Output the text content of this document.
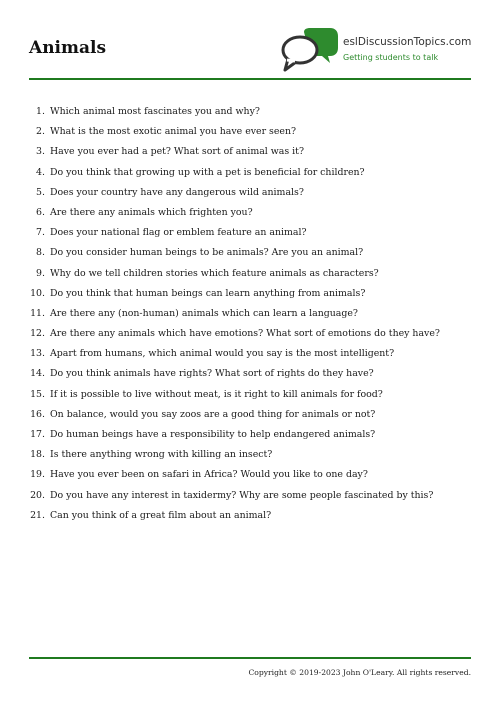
Animals	eslDiscussionTopics.com
Getting students to talk
1. Which animal most fascinates you and why?
2. What is the most exotic animal you have ever seen?
3. Have you ever had a pet? What sort of animal was it?
4. Do you think that growing up with a pet is beneficial for children?
5. Does your country have any dangerous wild animals?
6. Are there any animals which frighten you?
7. Does your national flag or emblem feature an animal?
8. Do you consider human beings to be animals? Are you an animal?
9. Why do we tell children stories which feature animals as characters?
10. Do you think that human beings can learn anything from animals?
11. Are there any (non-human) animals which can learn a language?
12. Are there any animals which have emotions? What sort of emotions do they have?
13. Apart from humans, which animal would you say is the most intelligent?
14. Do you think animals have rights? What sort of rights do they have?
15. If it is possible to live without meat, is it right to kill animals for food?
16. On balance, would you say zoos are a good thing for animals or not?
17. Do human beings have a responsibility to help endangered animals?
18. Is there anything wrong with killing an insect?
19. Have you ever been on safari in Africa? Would you like to one day?
20. Do you have any interest in taxidermy? Why are some people fascinated by this?
21. Can you think of a great film about an animal?
Copyright © 2019-2023 John O'Leary. All rights reserved.
